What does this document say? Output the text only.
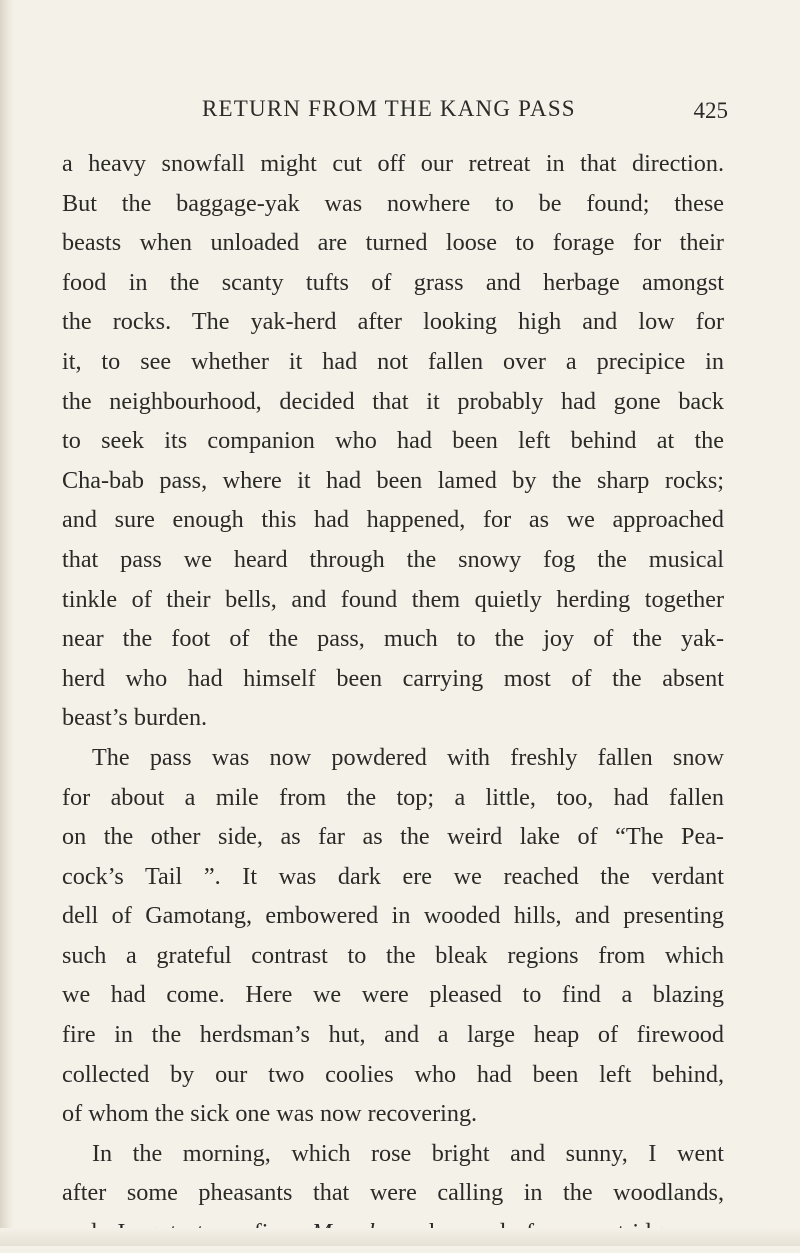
RETURN FROM THE KANG PASS	425
a heavy snowfall might cut off our retreat in that direction.
But the baggage-yak was nowhere to be found; these
beasts when unloaded are turned loose to forage for their
food in the scanty tufts of grass and herbage amongst
the rocks. The yak-herd after looking high and low for
it, to see whether it had not fallen over a precipice in
the neighbourhood, decided that it probably had gone back
to seek its companion who had been left behind at the
Cha-bab pass, where it had been lamed by the sharp rocks;
and sure enough this had happened, for as we approached
that pass we heard through the snowy fog the musical
tinkle of their bells, and found them quietly herding together
near the foot of the pass, much to the joy of the yak-
herd who had himself been carrying most of the absent
beast’s burden.
The pass was now powdered with freshly fallen snow
for about a mile from the top; a little, too, had fallen
on the other side, as far as the weird lake of “The Pea-
cock’s Tail ”. It was dark ere we reached the verdant
dell of Gamotang, embowered in wooded hills, and presenting
such a grateful contrast to the bleak regions from which
we had come. Here we were pleased to find a blazing
fire in the herdsman’s hut, and a large heap of firewood
collected by our two coolies who had been left behind,
of whom the sick one was now recovering.
In the morning, which rose bright and sunny, I went
after some pheasants that were calling in the woodlands,
